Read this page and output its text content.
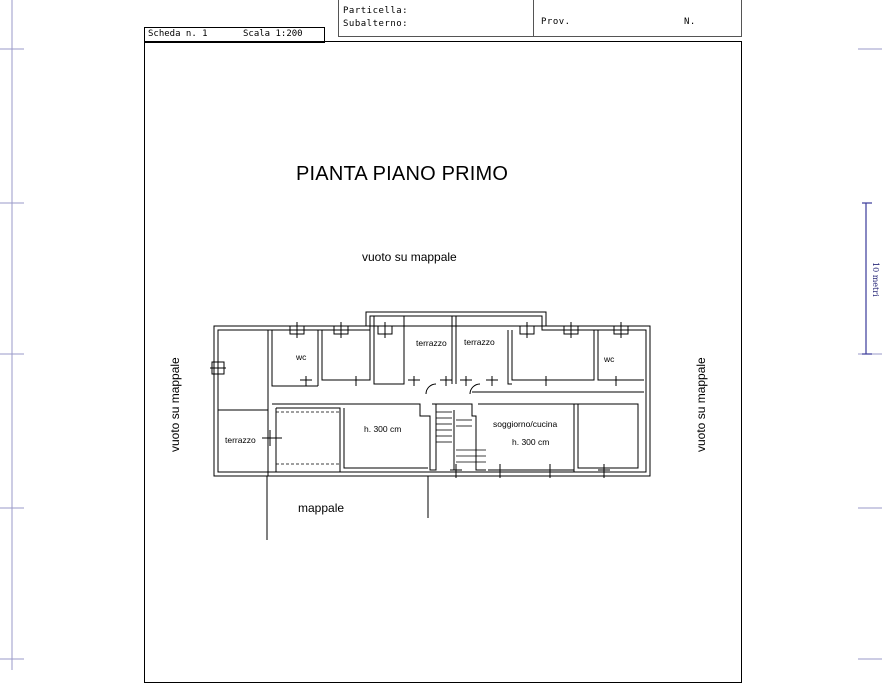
Particella:
Subalterno:	Prov.	N.
Scheda n. 1	Scala 1:200
10 metri
PIANTA PIANO PRIMO
vuoto su mappale
mappale
vuoto su mappale	vuoto su mappale
wc	wc
terrazzo terrazzo
terrazzo
h. 300 cm	soggiorno/cucina
h. 300 cm
